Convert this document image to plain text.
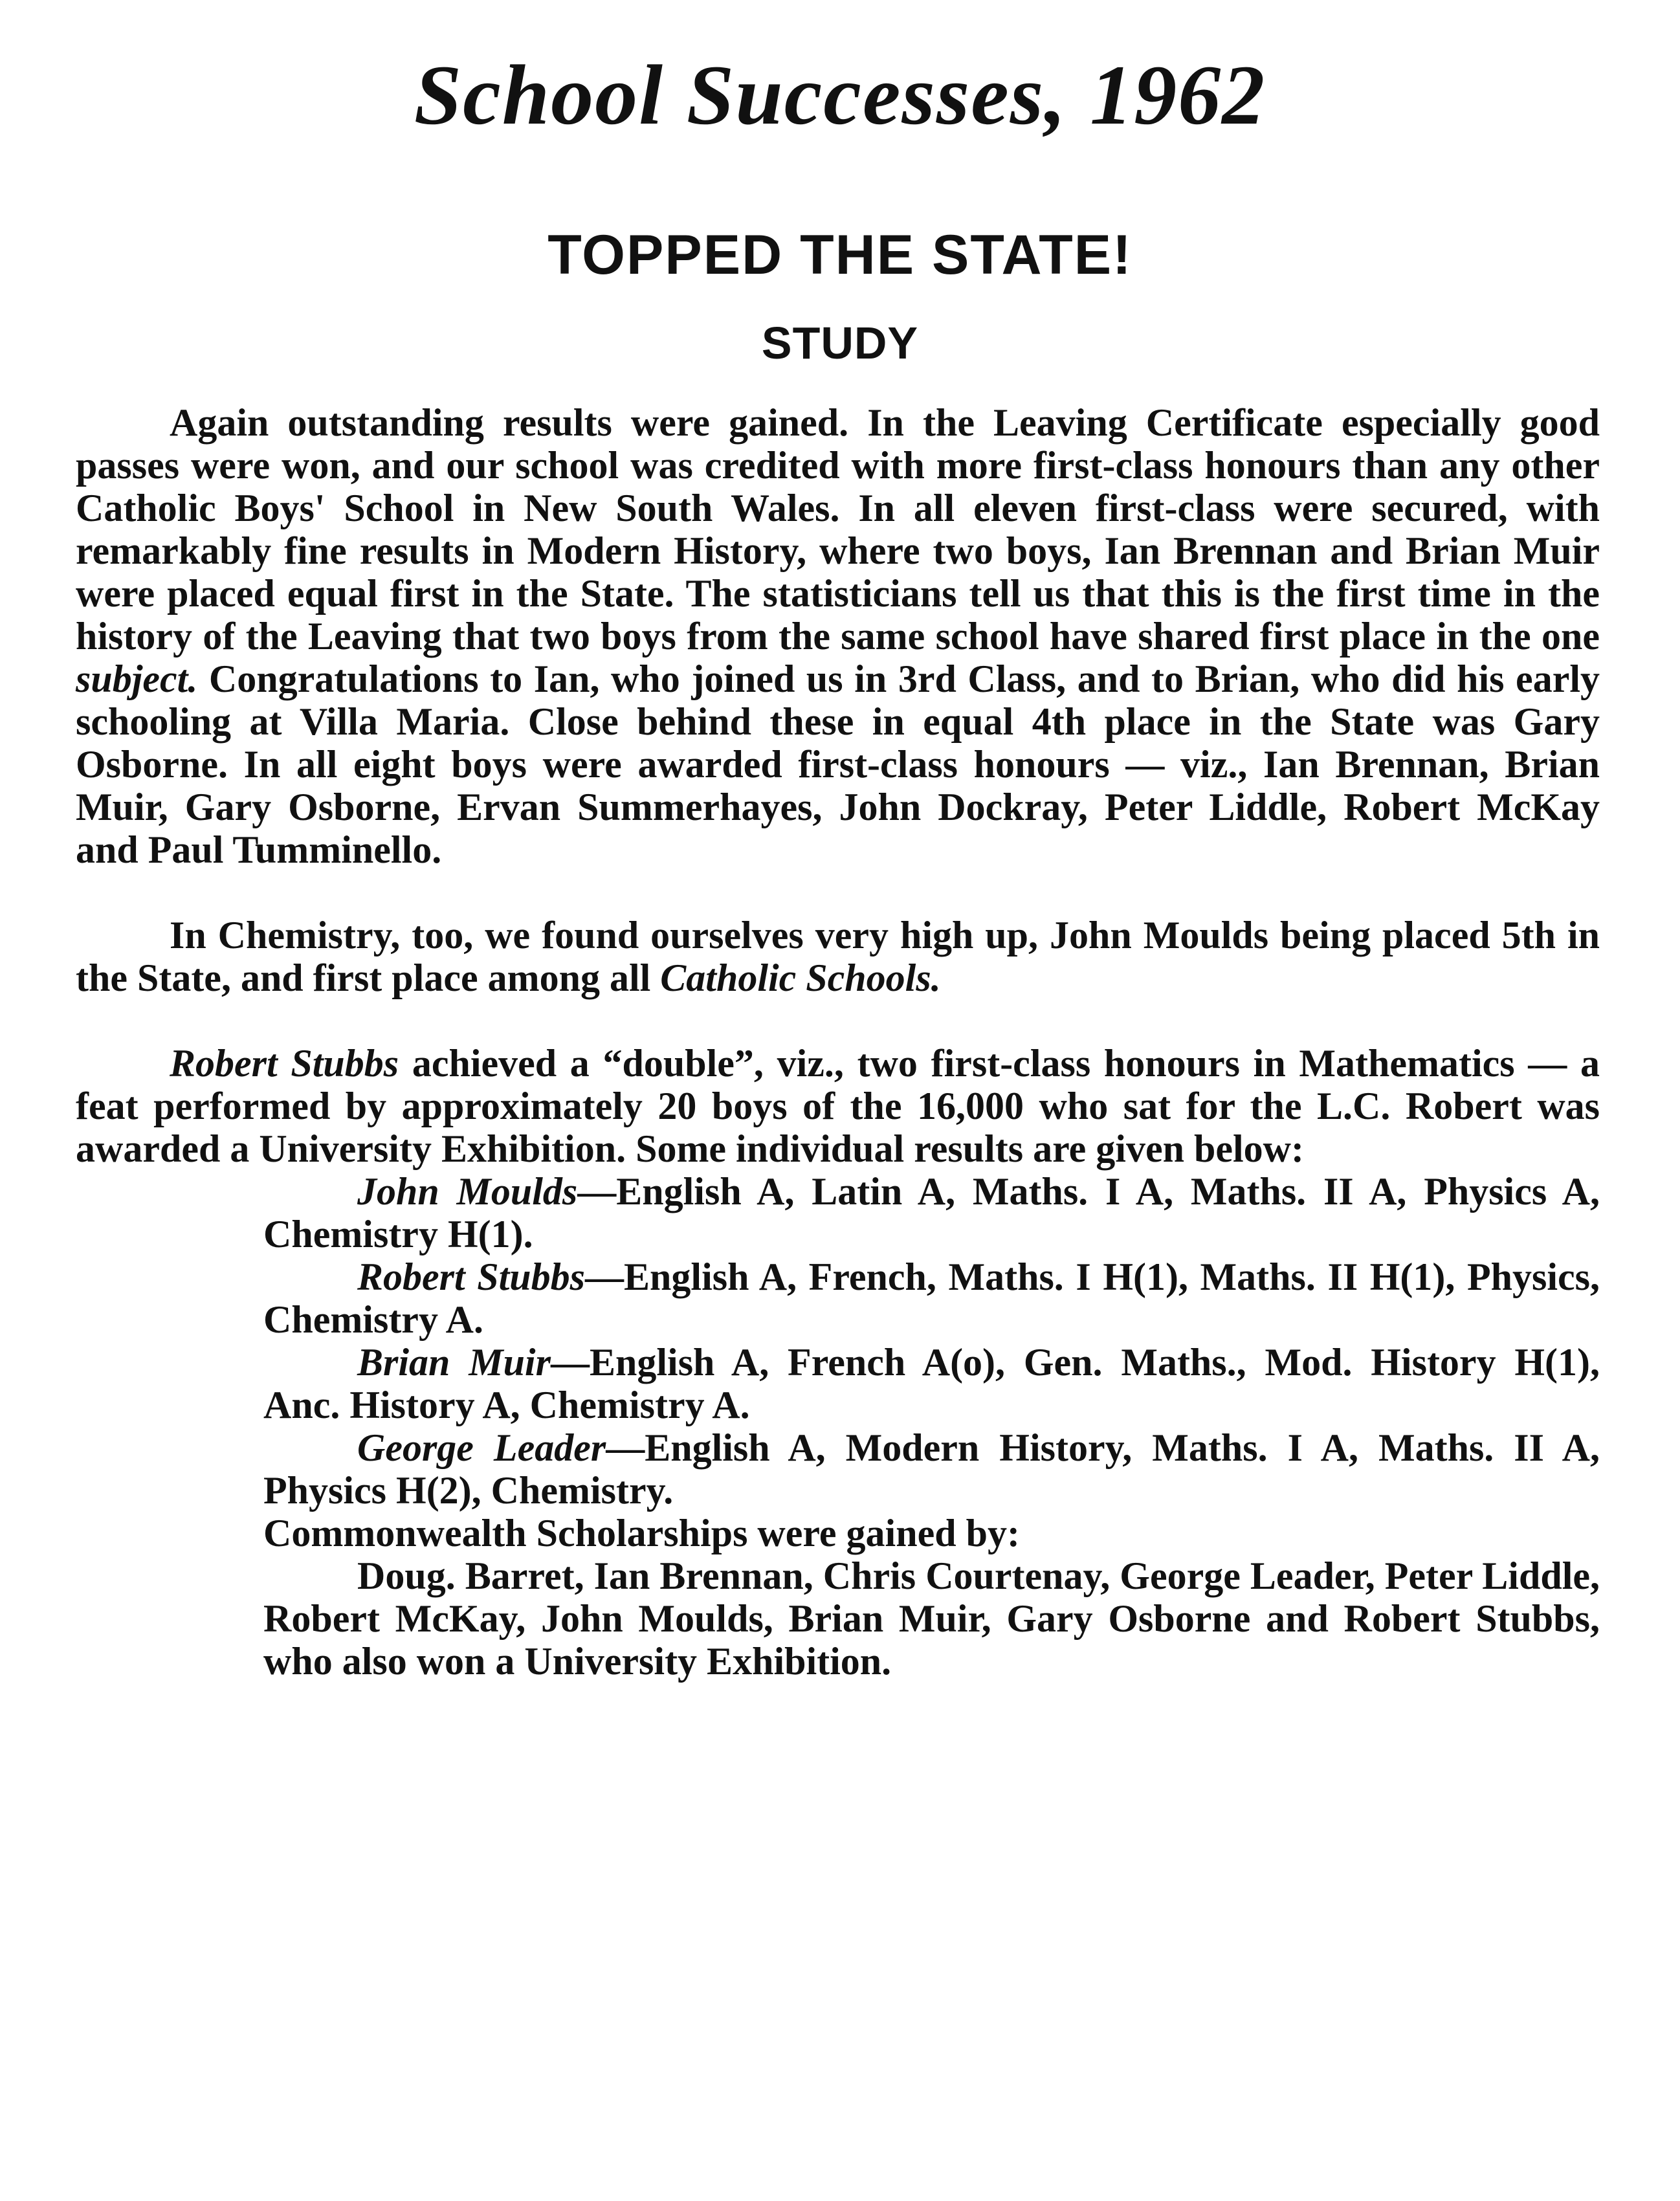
School Successes, 1962
TOPPED THE STATE!
STUDY

Again outstanding results were gained. In the Leaving Certificate especially good passes were won, and our school was credited with more first-class honours than any other Catholic Boys' School in New South Wales. In all eleven first-class were secured, with remarkably fine results in Modern History, where two boys, Ian Brennan and Brian Muir were placed equal first in the State. The statisticians tell us that this is the first time in the history of the Leaving that two boys from the same school have shared first place in the one subject. Congratulations to Ian, who joined us in 3rd Class, and to Brian, who did his early schooling at Villa Maria. Close behind these in equal 4th place in the State was Gary Osborne. In all eight boys were awarded first-class honours — viz., Ian Brennan, Brian Muir, Gary Osborne, Ervan Summerhayes, John Dockray, Peter Liddle, Robert McKay and Paul Tumminello.

In Chemistry, too, we found ourselves very high up, John Moulds being placed 5th in the State, and first place among all Catholic Schools.

Robert Stubbs achieved a “double”, viz., two first-class honours in Mathematics — a feat performed by approximately 20 boys of the 16,000 who sat for the L.C. Robert was awarded a University Exhibition. Some individual results are given below:

John Moulds—English A, Latin A, Maths. I A, Maths. II A, Physics A, Chemistry H(1).

Robert Stubbs—English A, French, Maths. I H(1), Maths. II H(1), Physics, Chemistry A.

Brian Muir—English A, French A(o), Gen. Maths., Mod. History H(1), Anc. History A, Chemistry A.

George Leader—English A, Modern History, Maths. I A, Maths. II A, Physics H(2), Chemistry.

Commonwealth Scholarships were gained by:

Doug. Barret, Ian Brennan, Chris Courtenay, George Leader, Peter Liddle, Robert McKay, John Moulds, Brian Muir, Gary Osborne and Robert Stubbs, who also won a University Exhibition.
